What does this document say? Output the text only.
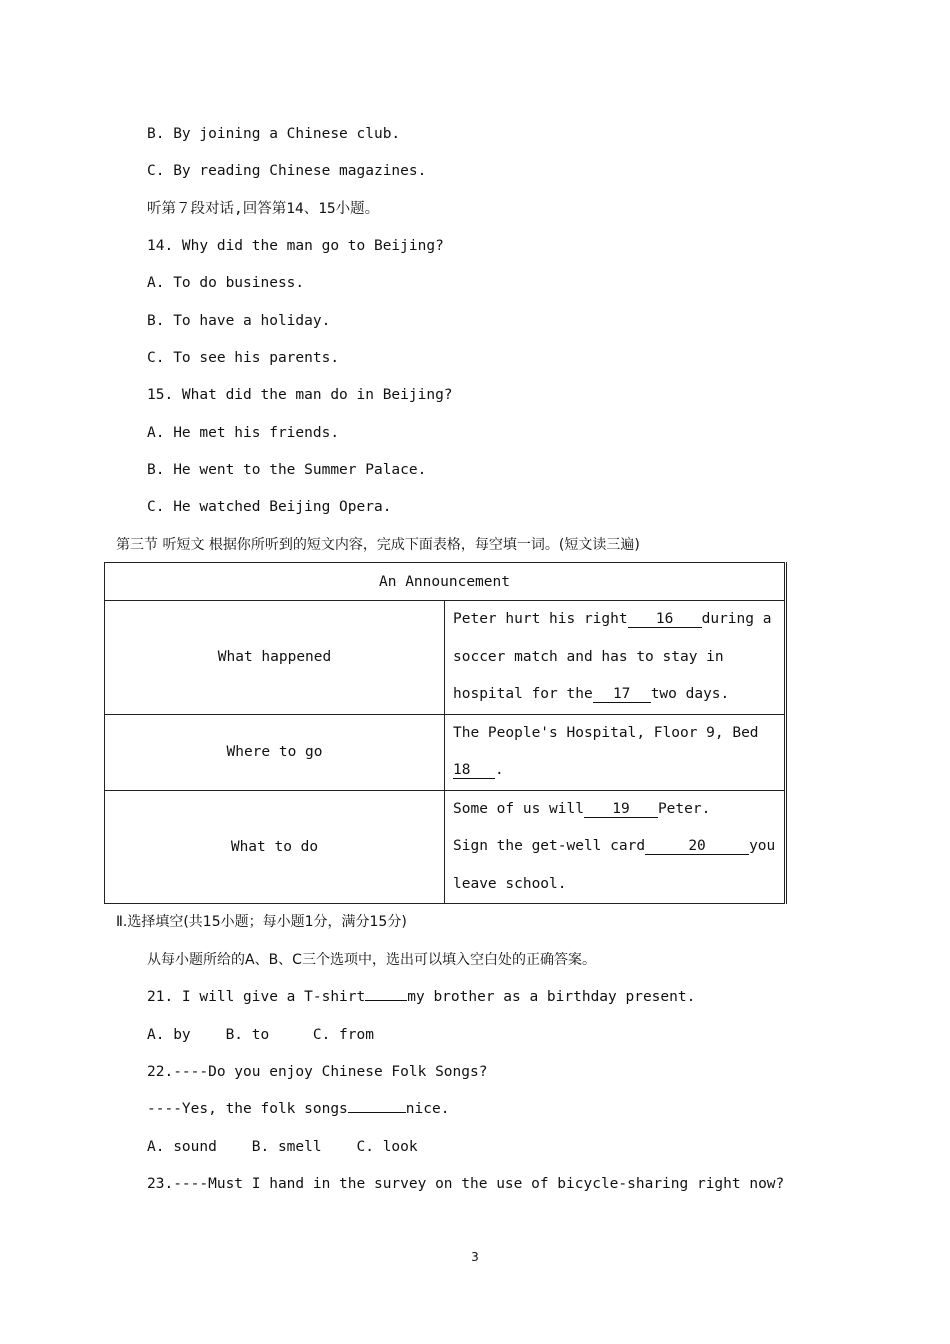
B. By joining a Chinese club.
C. By reading Chinese magazines.
听第７段对话,回答第14、15小题。
14. Why did the man go to Beijing?
A. To do business.
B. To have a holiday.
C. To see his parents.
15. What did the man do in Beijing?
A. He met his friends.
B. He went to the Summer Palace.
C. He watched Beijing Opera.
第三节 听短文 根据你所听到的短文内容，完成下面表格，每空填一词。(短文读三遍)
An Announcement	
What happened	Peter hurt his right 16 during a soccer match and has to stay in hospital for the 17 two days.
Where to go	The People's Hospital, Floor 9, Bed 18 .
What to do	Some of us will 19 Peter.
Sign the get-well card 20 you leave school.
Ⅱ.选择填空(共15小题；每小题1分，满分15分)
从每小题所给的A、B、C三个选项中，选出可以填入空白处的正确答案。
21. I will give a T-shirt	my brother as a birthday present.
A. by    B. to     C. from
22.----Do you enjoy Chinese Folk Songs?
----Yes, the folk songs	nice.
A. sound    B. smell    C. look
23.----Must I hand in the survey on the use of bicycle-sharing right now?
3
